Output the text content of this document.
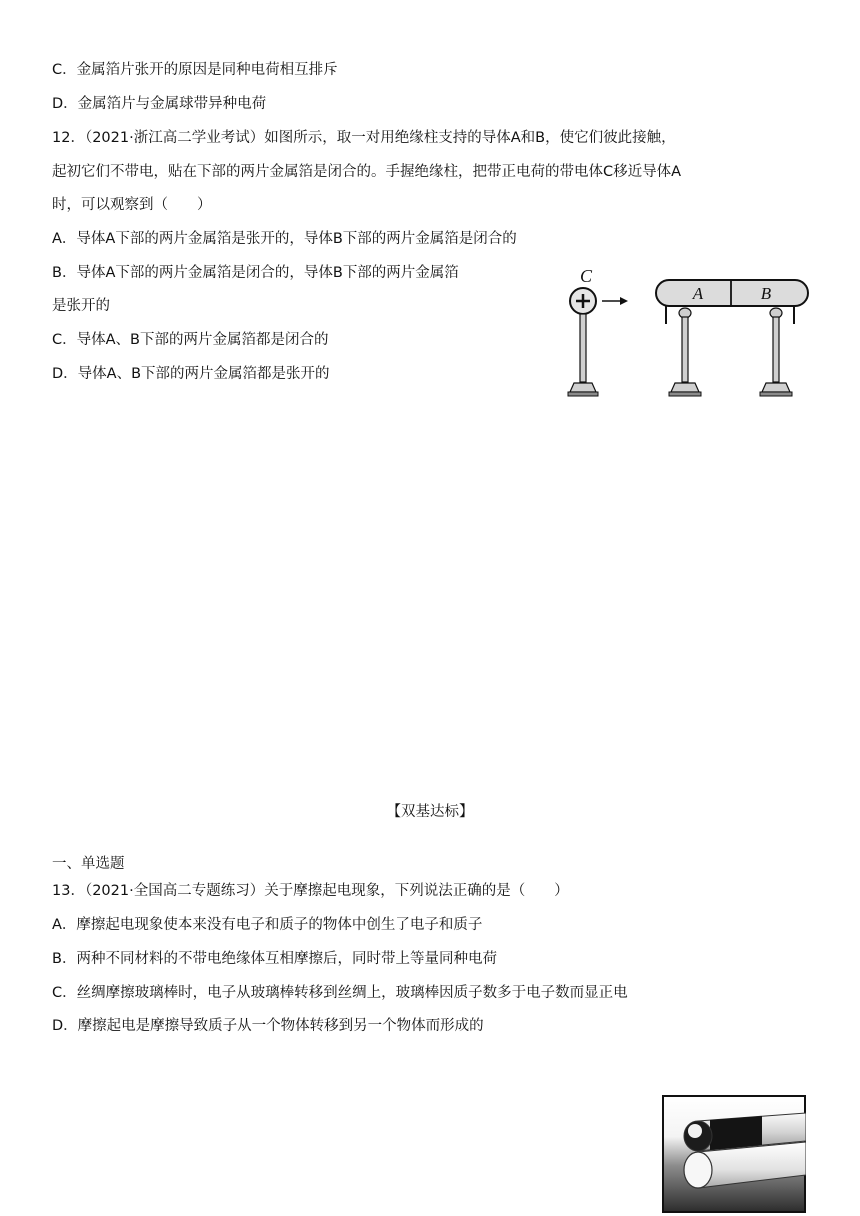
C．金属箔片张开的原因是同种电荷相互排斥
D．金属箔片与金属球带异种电荷
12．（2021·浙江高二学业考试）如图所示，取一对用绝缘柱支持的导体A和B，使它们彼此接触，
起初它们不带电，贴在下部的两片金属箔是闭合的。手握绝缘柱，把带正电荷的带电体C移近导体A
时，可以观察到（　　）
A．导体A下部的两片金属箔是张开的，导体B下部的两片金属箔是闭合的
B．导体A下部的两片金属箔是闭合的，导体B下部的两片金属箔
是张开的
C．导体A、B下部的两片金属箔都是闭合的
D．导体A、B下部的两片金属箔都是张开的
C
A	B
【双基达标】
一、单选题
13．（2021·全国高二专题练习）关于摩擦起电现象，下列说法正确的是（　　）
A．摩擦起电现象使本来没有电子和质子的物体中创生了电子和质子
B．两种不同材料的不带电绝缘体互相摩擦后，同时带上等量同种电荷
C．丝绸摩擦玻璃棒时，电子从玻璃棒转移到丝绸上，玻璃棒因质子数多于电子数而显正电
D．摩擦起电是摩擦导致质子从一个物体转移到另一个物体而形成的
